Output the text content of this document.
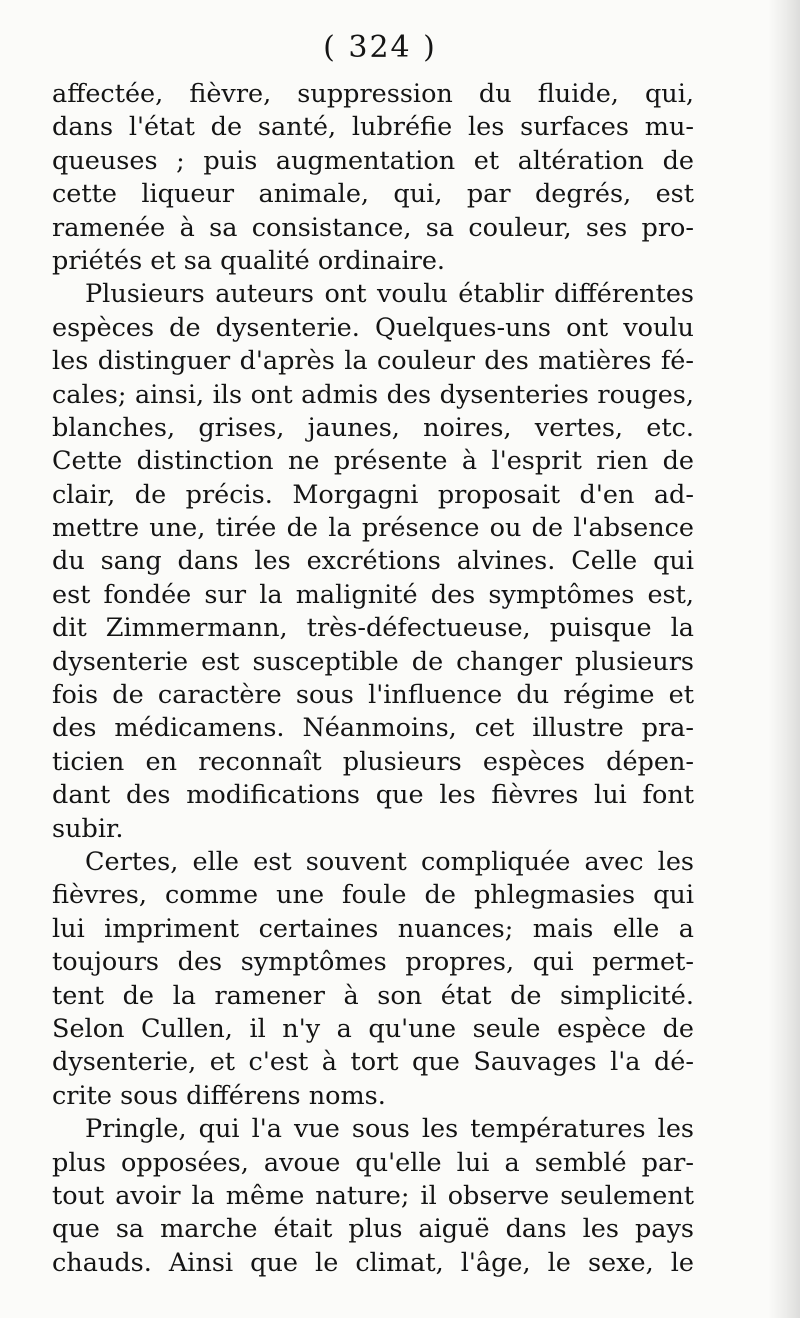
( 324 )
affectée, fièvre, suppression du fluide, qui,
dans l'état de santé, lubréfie les surfaces mu-
queuses ; puis augmentation et altération de
cette liqueur animale, qui, par degrés, est
ramenée à sa consistance, sa couleur, ses pro-
priétés et sa qualité ordinaire.
Plusieurs auteurs ont voulu établir différentes
espèces de dysenterie. Quelques-uns ont voulu
les distinguer d'après la couleur des matières fé-
cales; ainsi, ils ont admis des dysenteries rouges,
blanches, grises, jaunes, noires, vertes, etc.
Cette distinction ne présente à l'esprit rien de
clair, de précis. Morgagni proposait d'en ad-
mettre une, tirée de la présence ou de l'absence
du sang dans les excrétions alvines. Celle qui
est fondée sur la malignité des symptômes est,
dit Zimmermann, très-défectueuse, puisque la
dysenterie est susceptible de changer plusieurs
fois de caractère sous l'influence du régime et
des médicamens. Néanmoins, cet illustre pra-
ticien en reconnaît plusieurs espèces dépen-
dant des modifications que les fièvres lui font
subir.
Certes, elle est souvent compliquée avec les
fièvres, comme une foule de phlegmasies qui
lui impriment certaines nuances; mais elle a
toujours des symptômes propres, qui permet-
tent de la ramener à son état de simplicité.
Selon Cullen, il n'y a qu'une seule espèce de
dysenterie, et c'est à tort que Sauvages l'a dé-
crite sous différens noms.
Pringle, qui l'a vue sous les températures les
plus opposées, avoue qu'elle lui a semblé par-
tout avoir la même nature; il observe seulement
que sa marche était plus aiguë dans les pays
chauds. Ainsi que le climat, l'âge, le sexe, le
